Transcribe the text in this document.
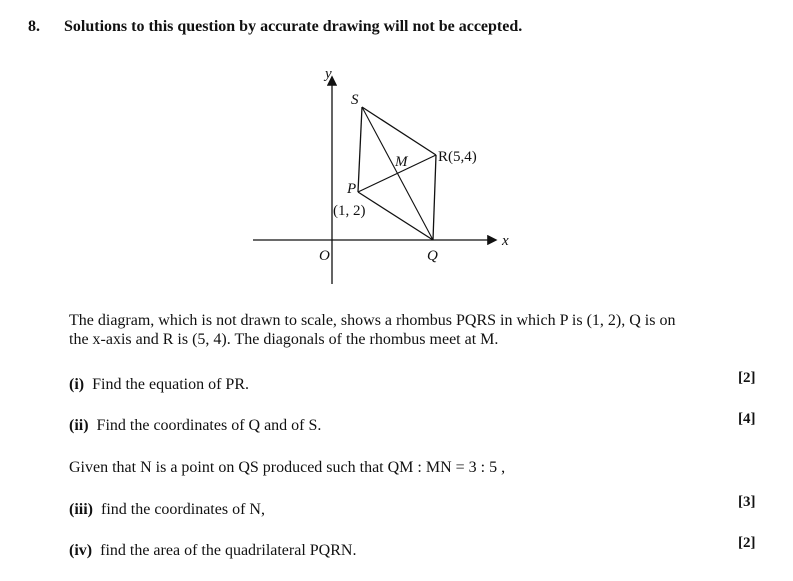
8. Solutions to this question by accurate drawing will not be accepted.
y
x
O
S
M R(5,4)
P
(1, 2)
Q
The diagram, which is not drawn to scale, shows a rhombus PQRS in which P is (1, 2), Q is on
the x-axis and R is (5, 4). The diagonals of the rhombus meet at M.
(i) Find the equation of PR.	[2]
(ii) Find the coordinates of Q and of S.	[4]
Given that N is a point on QS produced such that QM : MN = 3 : 5 ,
(iii) find the coordinates of N,	[3]
(iv) find the area of the quadrilateral PQRN.	[2]
